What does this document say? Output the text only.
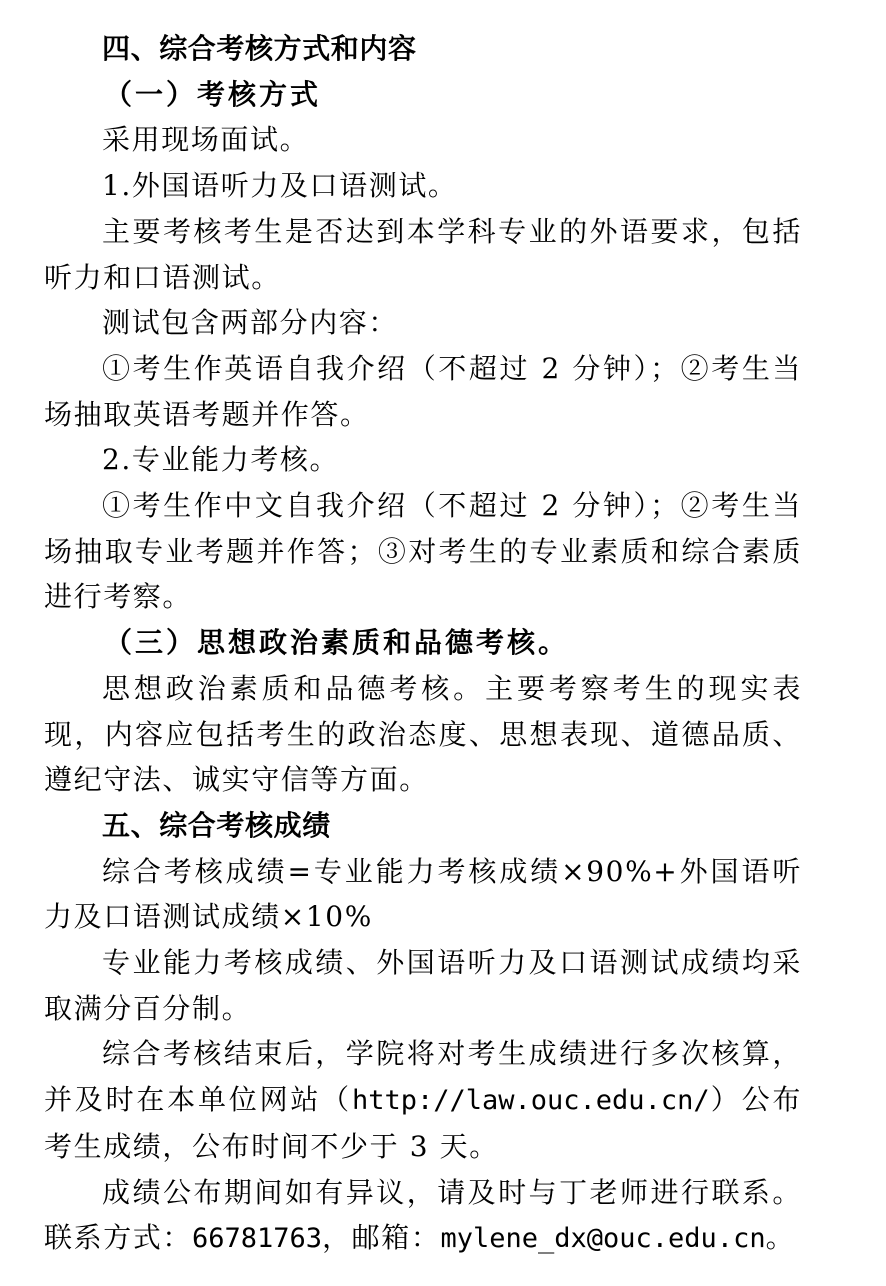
四、综合考核方式和内容

（一）考核方式

采用现场面试。

1.外国语听力及口语测试。

主要考核考生是否达到本学科专业的外语要求，包括听力和口语测试。

测试包含两部分内容：

①考生作英语自我介绍（不超过 2 分钟）；②考生当场抽取英语考题并作答。

2.专业能力考核。

①考生作中文自我介绍（不超过 2 分钟）；②考生当场抽取专业考题并作答；③对考生的专业素质和综合素质进行考察。

（三）思想政治素质和品德考核。

思想政治素质和品德考核。主要考察考生的现实表现，内容应包括考生的政治态度、思想表现、道德品质、遵纪守法、诚实守信等方面。

五、综合考核成绩

综合考核成绩=专业能力考核成绩×90%+外国语听力及口语测试成绩×10%

专业能力考核成绩、外国语听力及口语测试成绩均采取满分百分制。

综合考核结束后，学院将对考生成绩进行多次核算，并及时在本单位网站（http://law.ouc.edu.cn/）公布考生成绩，公布时间不少于 3 天。

成绩公布期间如有异议，请及时与丁老师进行联系。联系方式：66781763，邮箱：mylene_dx@ouc.edu.cn。
